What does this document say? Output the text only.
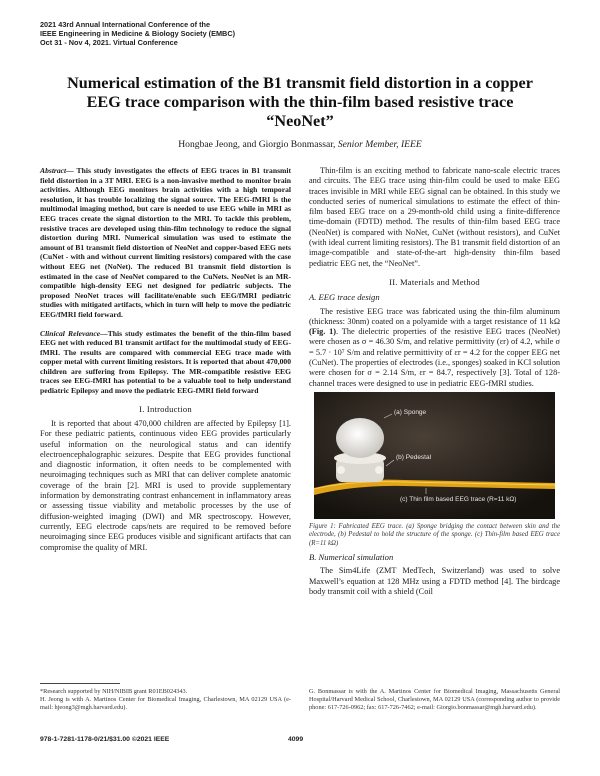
2021 43rd Annual International Conference of the
IEEE Engineering in Medicine & Biology Society (EMBC)
Oct 31 - Nov 4, 2021. Virtual Conference
Numerical estimation of the B1 transmit field distortion in a copper
EEG trace comparison with the thin-film based resistive trace
“NeoNet”
Hongbae Jeong, and Giorgio Bonmassar, Senior Member, IEEE

Abstract— This study investigates the effects of EEG traces in B1 transmit field distortion in a 3T MRI. EEG is a non-invasive method to monitor brain activities. Although EEG monitors brain activities with a high temporal resolution, it has trouble localizing the signal source. The EEG-fMRI is the multimodal imaging method, but care is needed to use EEG while in MRI as EEG traces create the signal distortion to the MRI. To tackle this problem, resistive traces are developed using thin-film technology to reduce the signal distortion during MRI. Numerical simulation was used to estimate the amount of B1 transmit field distortion of NeoNet and copper-based EEG nets (CuNet - with and without current limiting resistors) compared with the case without EEG net (NoNet). The reduced B1 transmit field distortion is estimated in the case of NeoNet compared to the CuNets. NeoNet is an MR-compatible high-density EEG net designed for pediatric subjects. The proposed NeoNet traces will facilitate/enable such EEG/fMRI pediatric studies with mitigated artifacts, which in turn will help to move the pediatric EEG/fMRI field forward.

Clinical Relevance—This study estimates the benefit of the thin-film based EEG net with reduced B1 transmit artifact for the multimodal study of EEG-fMRI. The results are compared with commercial EEG trace made with copper metal with current limiting resistors. It is reported that about 470,000 children are suffering from Epilepsy. The MR-compatible resistive EEG traces see EEG-fMRI has potential to be a valuable tool to help understand pediatric Epilepsy and move the pediatric EEG-fMRI field forward

I. Introduction

It is reported that about 470,000 children are affected by Epilepsy [1]. For these pediatric patients, continuous video EEG provides particularly useful information on the neurological status and can identify electroencephalographic seizures. Despite that EEG provides functional and diagnostic information, it often needs to be complemented with neuroimaging techniques such as MRI that can deliver complete anatomic coverage of the brain [2]. MRI is used to provide supplementary information by demonstrating contrast enhancement in inflammatory areas or assessing tissue viability and metabolic processes by the use of diffusion-weighted imaging (DWI) and MR spectroscopy. However, currently, EEG electrode caps/nets are required to be removed before neuroimaging since EEG produces visible and significant artifacts that can compromise the quality of MRI.

Thin-film is an exciting method to fabricate nano-scale electric traces and circuits. The EEG trace using thin-film could be used to make EEG traces invisible in MRI while EEG signal can be obtained. In this study we conducted series of numerical simulations to estimate the effect of thin-film based EEG trace on a 29-month-old child using a finite-difference time-domain (FDTD) method. The results of thin-film based EEG trace (NeoNet) is compared with NoNet, CuNet (without resistors), and CuNet (with ideal current limiting resistors). The B1 transmit field distortion of an image-compatible and state-of-the-art high-density thin-film based pediatric EEG net, the “NeoNet”.

II. Materials and Method
A. EEG trace design

The resistive EEG trace was fabricated using the thin-film aluminum (thickness: 30nm) coated on a polyamide with a target resistance of 11 kΩ (Fig. 1). The dielectric properties of the resistive EEG traces (NeoNet) were chosen as σ = 46.30 S/m, and relative permittivity (εr) of 4.2, while σ = 5.7 · 10⁷ S/m and relative permittivity of εr = 4.2 for the copper EEG net (CuNet). The properties of electrodes (i.e., sponges) soaked in KCl solution were chosen for σ = 2.14 S/m, εr = 84.7, respectively [3]. Total of 128-channel traces were designed to use in pediatric EEG-fMRI studies.

(a) Sponge
(b) Pedestal
(c) Thin film based EEG trace (R=11 kΩ)

Figure 1: Fabricated EEG trace. (a) Sponge bridging the contact between skin and the electrode, (b) Pedestal to hold the structure of the sponge. (c) Thin-film based EEG trace (R=11 kΩ)

B. Numerical simulation

The Sim4Life (ZMT MedTech, Switzerland) was used to solve Maxwell’s equation at 128 MHz using a FDTD method [4]. The birdcage body transmit coil with a shield (Coil

*Research supported by NIH/NIBIB grant R01EB024343.
H. Jeong is with A. Martinos Center for Biomedical Imaging, Charlestown, MA 02129 USA (e-mail: hjeong3@mgh.harvard.edu).
G. Bonmassar is with the A. Martinos Center for Biomedical Imaging, Massachusetts General Hospital/Harvard Medical School, Charlestown, MA 02129 USA (corresponding author to provide phone: 617-726-0962; fax: 617-726-7462; e-mail: Giorgio.bonmassar@mgh.harvard.edu).
978-1-7281-1178-0/21/$31.00 ©2021 IEEE	4099
